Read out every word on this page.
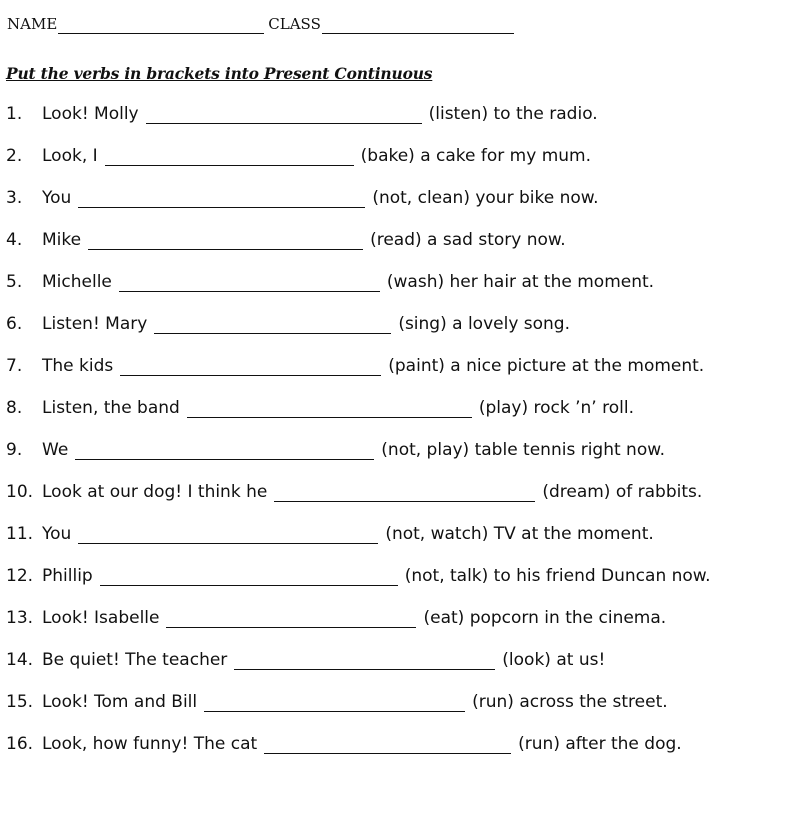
NAME	CLASS
Put the verbs in brackets into Present Continuous
1.	Look! Molly	(listen) to the radio.
2.	Look, I	(bake) a cake for my mum.
3.	You	(not, clean) your bike now.
4.	Mike	(read) a sad story now.
5.	Michelle	(wash) her hair at the moment.
6.	Listen! Mary	(sing) a lovely song.
7.	The kids	(paint) a nice picture at the moment.
8.	Listen, the band	(play) rock ’n’ roll.
9.	We	(not, play) table tennis right now.
10. Look at our dog! I think he	(dream) of rabbits.
11. You	(not, watch) TV at the moment.
12. Phillip	(not, talk) to his friend Duncan now.
13. Look! Isabelle	(eat) popcorn in the cinema.
14. Be quiet! The teacher	(look) at us!
15. Look! Tom and Bill	(run) across the street.
16. Look, how funny! The cat	(run) after the dog.
